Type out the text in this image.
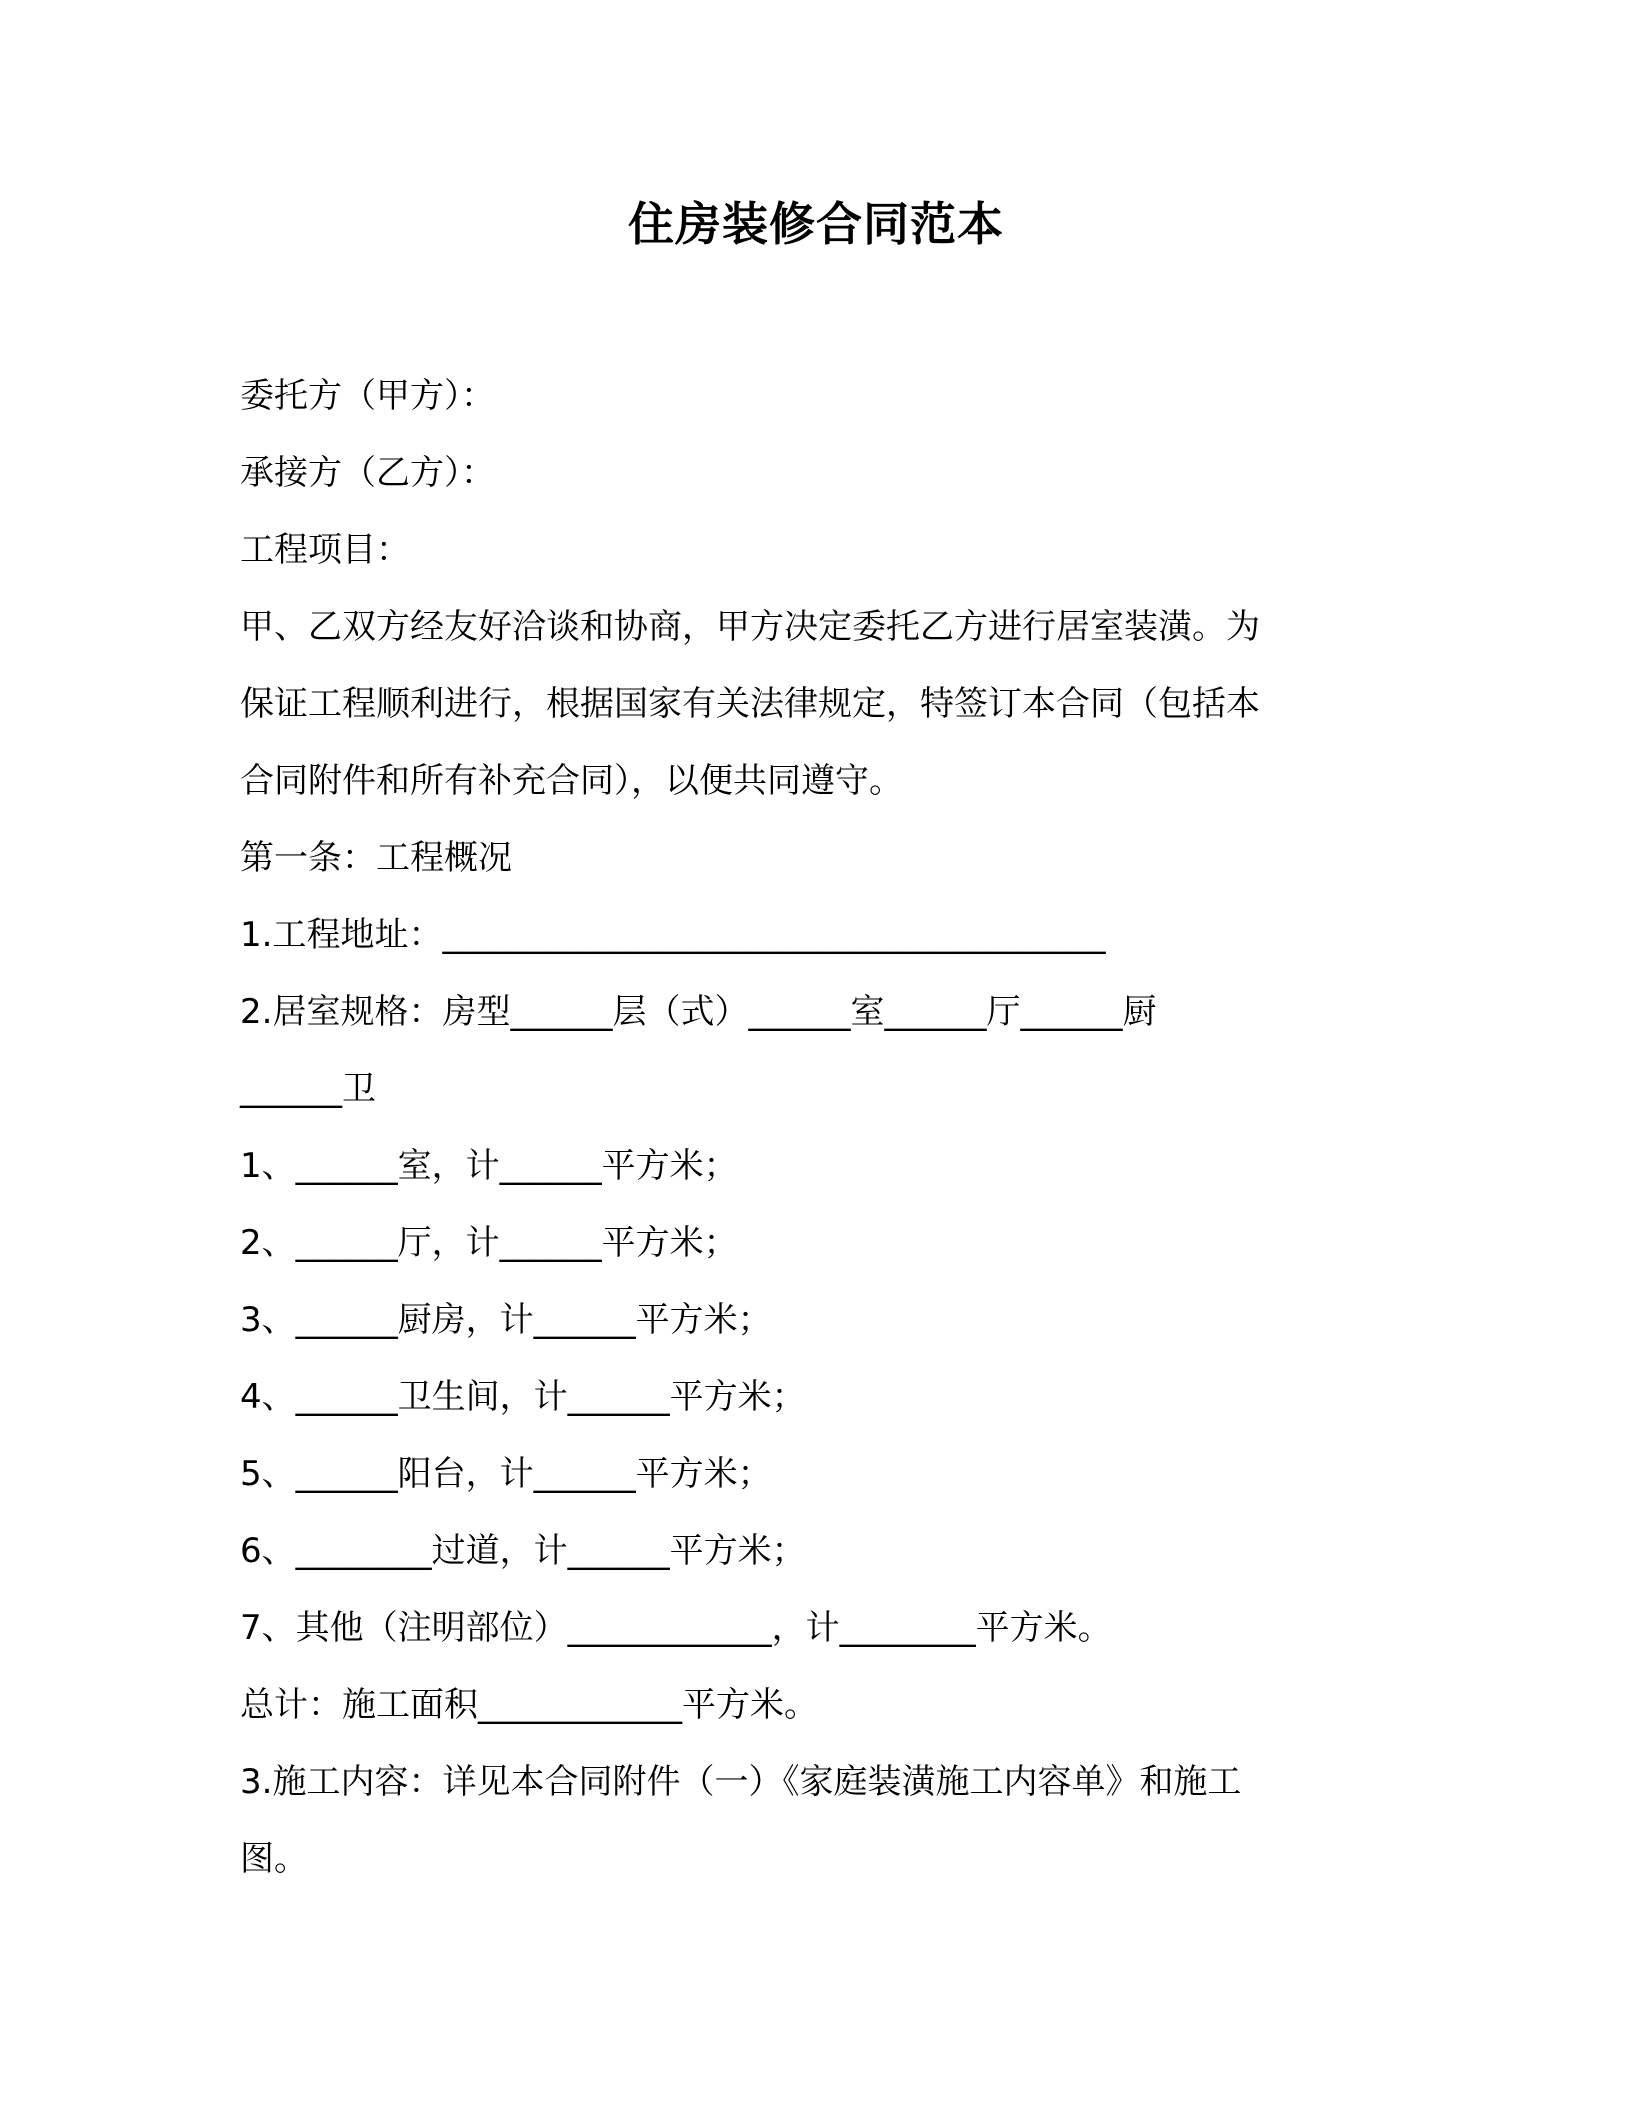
住房装修合同范本

委托方（甲方）：

承接方（乙方）：

工程项目：

甲、乙双方经友好洽谈和协商，甲方决定委托乙方进行居室装潢。为

保证工程顺利进行，根据国家有关法律规定，特签订本合同（包括本

合同附件和所有补充合同），以便共同遵守。

第一条：工程概况

1.工程地址：_______________________________________

2.居室规格：房型______层（式）______室______厅______厨

______卫

1、______室，计______平方米；

2、______厅，计______平方米；

3、______厨房，计______平方米；

4、______卫生间，计______平方米；

5、______阳台，计______平方米；

6、________过道，计______平方米；

7、其他（注明部位）____________，计________平方米。

总计：施工面积____________平方米。

3.施工内容：详见本合同附件（一）《家庭装潢施工内容单》和施工

图。
